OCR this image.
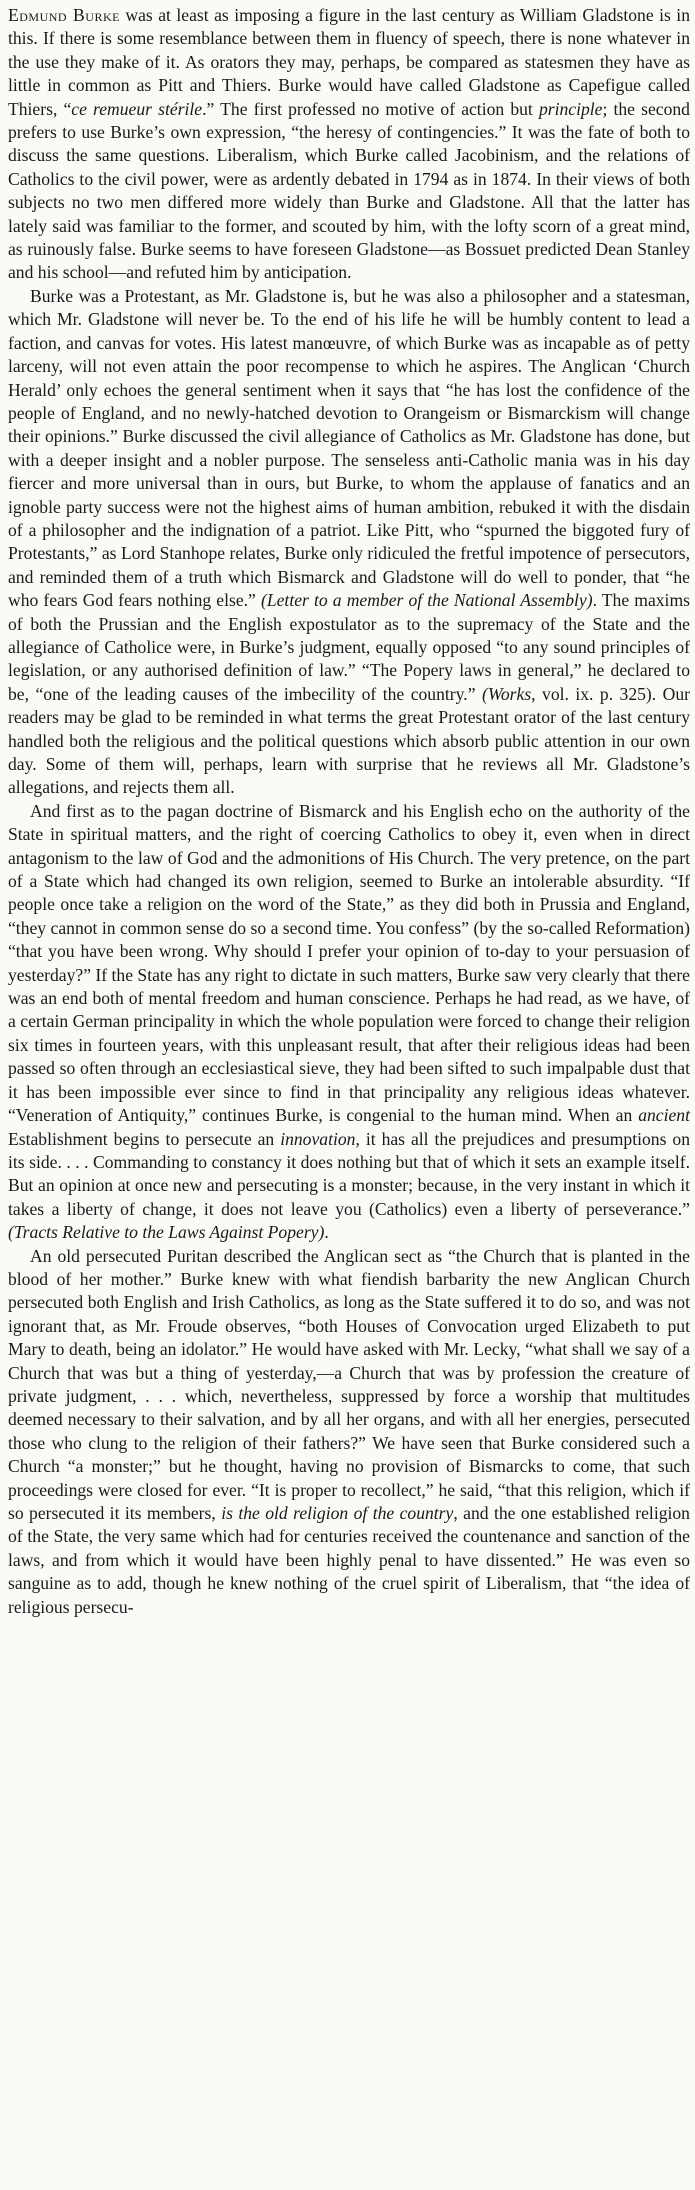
Edmund Burke was at least as imposing a figure in the last century as William Gladstone is in this. If there is some resemblance between them in fluency of speech, there is none whatever in the use they make of it. As orators they may, perhaps, be compared as statesmen they have as little in common as Pitt and Thiers. Burke would have called Gladstone as Capefigue called Thiers, “ce remueur stérile.” The first professed no motive of action but principle; the second prefers to use Burke’s own expression, “the heresy of contingencies.” It was the fate of both to discuss the same questions. Liberalism, which Burke called Jacobinism, and the relations of Catholics to the civil power, were as ardently debated in 1794 as in 1874. In their views of both subjects no two men differed more widely than Burke and Gladstone. All that the latter has lately said was familiar to the former, and scouted by him, with the lofty scorn of a great mind, as ruinously false. Burke seems to have foreseen Gladstone—as Bossuet predicted Dean Stanley and his school—and refuted him by anticipation.

Burke was a Protestant, as Mr. Gladstone is, but he was also a philosopher and a statesman, which Mr. Gladstone will never be. To the end of his life he will be humbly content to lead a faction, and canvas for votes. His latest manœuvre, of which Burke was as incapable as of petty larceny, will not even attain the poor recompense to which he aspires. The Anglican ‘Church Herald’ only echoes the general sentiment when it says that “he has lost the confidence of the people of England, and no newly-hatched devotion to Orangeism or Bismarckism will change their opinions.” Burke discussed the civil allegiance of Catholics as Mr. Gladstone has done, but with a deeper insight and a nobler purpose. The senseless anti-Catholic mania was in his day fiercer and more universal than in ours, but Burke, to whom the applause of fanatics and an ignoble party success were not the highest aims of human ambition, rebuked it with the disdain of a philosopher and the indignation of a patriot. Like Pitt, who “spurned the biggoted fury of Protestants,” as Lord Stanhope relates, Burke only ridiculed the fretful impotence of persecutors, and reminded them of a truth which Bismarck and Gladstone will do well to ponder, that “he who fears God fears nothing else.” (Letter to a member of the National Assembly). The maxims of both the Prussian and the English expostulator as to the supremacy of the State and the allegiance of Catholice were, in Burke’s judgment, equally opposed “to any sound principles of legislation, or any authorised definition of law.” “The Popery laws in general,” he declared to be, “one of the leading causes of the imbecility of the country.” (Works, vol. ix. p. 325). Our readers may be glad to be reminded in what terms the great Protestant orator of the last century handled both the religious and the political questions which absorb public attention in our own day. Some of them will, perhaps, learn with surprise that he reviews all Mr. Gladstone’s allegations, and rejects them all.

And first as to the pagan doctrine of Bismarck and his English echo on the authority of the State in spiritual matters, and the right of coercing Catholics to obey it, even when in direct antagonism to the law of God and the admonitions of His Church. The very pretence, on the part of a State which had changed its own religion, seemed to Burke an intolerable absurdity. “If people once take a religion on the word of the State,” as they did both in Prussia and England, “they cannot in common sense do so a second time. You confess” (by the so-called Reformation) “that you have been wrong. Why should I prefer your opinion of to-day to your persuasion of yesterday?” If the State has any right to dictate in such matters, Burke saw very clearly that there was an end both of mental freedom and human conscience. Perhaps he had read, as we have, of a certain German principality in which the whole population were forced to change their religion six times in fourteen years, with this unpleasant result, that after their religious ideas had been passed so often through an ecclesiastical sieve, they had been sifted to such impalpable dust that it has been impossible ever since to find in that principality any religious ideas whatever. “Veneration of Antiquity,” continues Burke, is congenial to the human mind. When an ancient Establishment begins to persecute an innovation, it has all the prejudices and presumptions on its side. . . . Commanding to constancy it does nothing but that of which it sets an example itself. But an opinion at once new and persecuting is a monster; because, in the very instant in which it takes a liberty of change, it does not leave you (Catholics) even a liberty of perseverance.” (Tracts Relative to the Laws Against Popery).

An old persecuted Puritan described the Anglican sect as “the Church that is planted in the blood of her mother.” Burke knew with what fiendish barbarity the new Anglican Church persecuted both English and Irish Catholics, as long as the State suffered it to do so, and was not ignorant that, as Mr. Froude observes, “both Houses of Convocation urged Elizabeth to put Mary to death, being an idolator.” He would have asked with Mr. Lecky, “what shall we say of a Church that was but a thing of yesterday,—a Church that was by profession the creature of private judgment, . . . which, nevertheless, suppressed by force a worship that multitudes deemed necessary to their salvation, and by all her organs, and with all her energies, persecuted those who clung to the religion of their fathers?” We have seen that Burke considered such a Church “a monster;” but he thought, having no provision of Bismarcks to come, that such proceedings were closed for ever. “It is proper to recollect,” he said, “that this religion, which if so persecuted it its members, is the old religion of the country, and the one established religion of the State, the very same which had for centuries received the countenance and sanction of the laws, and from which it would have been highly penal to have dissented.” He was even so sanguine as to add, though he knew nothing of the cruel spirit of Liberalism, that “the idea of religious persecu-
